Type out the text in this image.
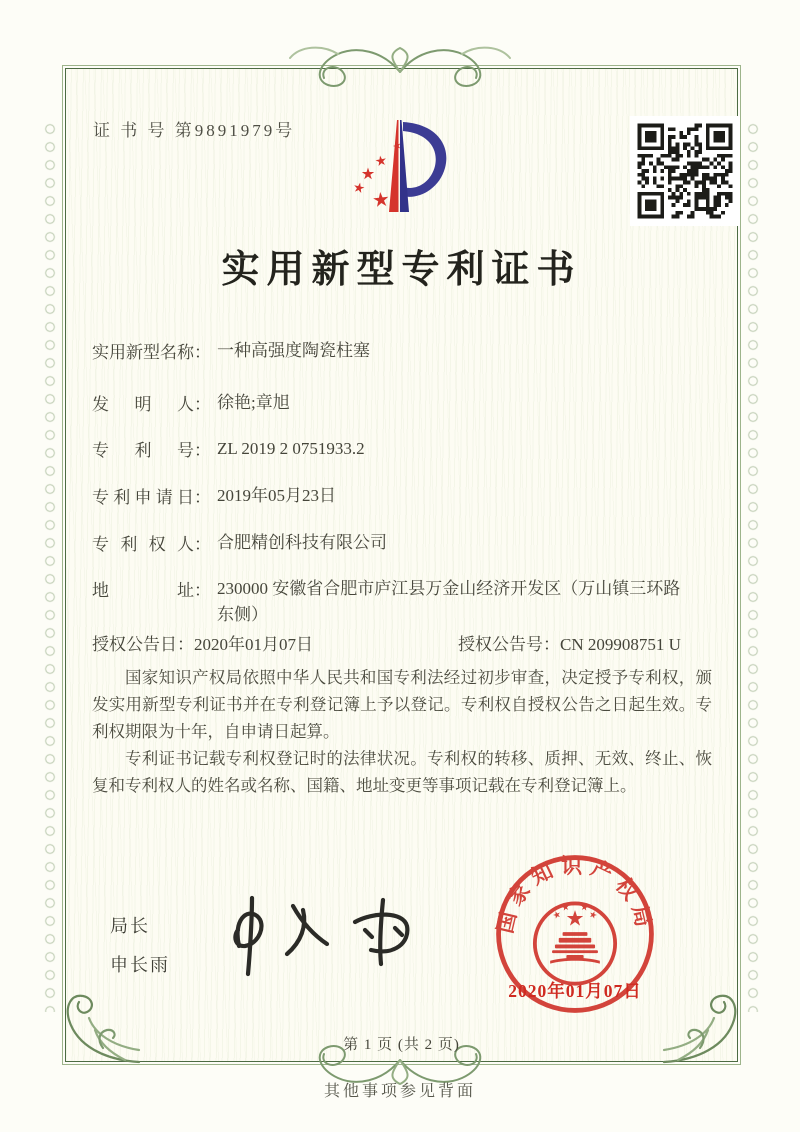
证 书 号 第9891979号
实用新型专利证书
实用新型名称： 一种高强度陶瓷柱塞
发明人： 徐艳;章旭
专利号： ZL 2019 2 0751933.2
专利申请日： 2019年05月23日
专利权人： 合肥精创科技有限公司
地址： 230000 安徽省合肥市庐江县万金山经济开发区（万山镇三环路东侧）
授权公告日：2020年01月07日	授权公告号：CN 209908751 U

国家知识产权局依照中华人民共和国专利法经过初步审查，决定授予专利权，颁发实用新型专利证书并在专利登记簿上予以登记。专利权自授权公告之日起生效。专利权期限为十年，自申请日起算。

专利证书记载专利权登记时的法律状况。专利权的转移、质押、无效、终止、恢复和专利权人的姓名或名称、国籍、地址变更等事项记载在专利登记簿上。

局长
申长雨
国家知识产权局
2020年01月07日
第 1 页 (共 2 页)
其他事项参见背面
